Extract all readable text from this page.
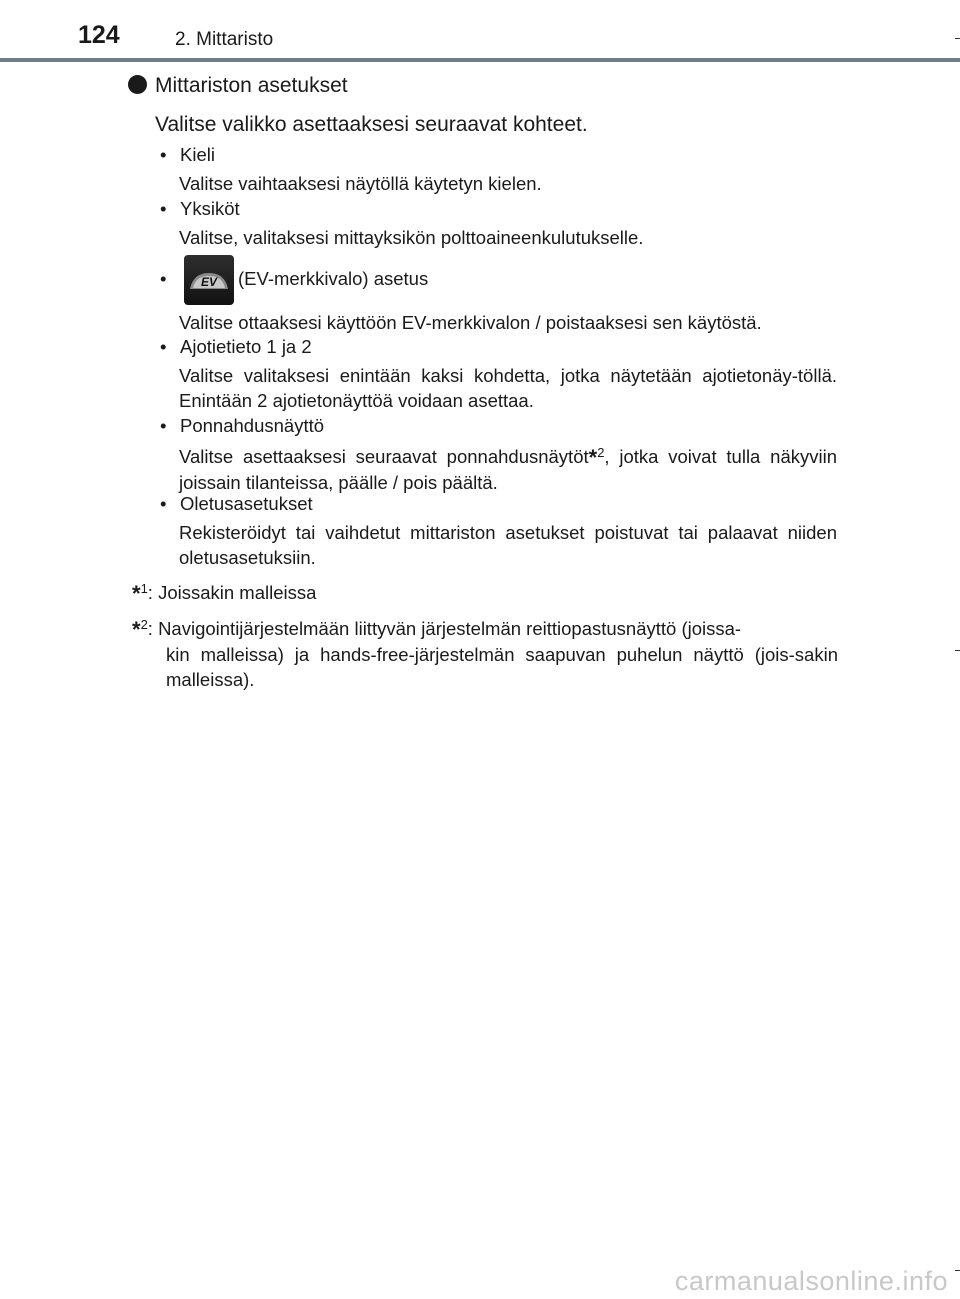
124	2. Mittaristo
Mittariston asetukset
Valitse valikko asettaaksesi seuraavat kohteet.
• Kieli
Valitse vaihtaaksesi näytöllä käytetyn kielen.
• Yksiköt
Valitse, valitaksesi mittayksikön polttoaineenkulutukselle.
•	EV (EV-merkkivalo) asetus
Valitse ottaaksesi käyttöön EV-merkkivalon / poistaaksesi sen käytöstä.
• Ajotietieto 1 ja 2
Valitse valitaksesi enintään kaksi kohdetta, jotka näytetään ajotietonäy-töllä. Enintään 2 ajotietonäyttöä voidaan asettaa.
• Ponnahdusnäyttö
Valitse asettaaksesi seuraavat ponnahdusnäytöt*$^2$, jotka voivat tulla näkyviin joissain tilanteissa, päälle / pois päältä.
• Oletusasetukset
Rekisteröidyt tai vaihdetut mittariston asetukset poistuvat tai palaavat niiden oletusasetuksiin.
*$^1$: Joissakin malleissa
*$^2$: Navigointijärjestelmään liittyvän järjestelmän reittiopastusnäyttö (joissa-
kin malleissa) ja hands-free-järjestelmän saapuvan puhelun näyttö (jois-sakin malleissa).
carmanualsonline.info
